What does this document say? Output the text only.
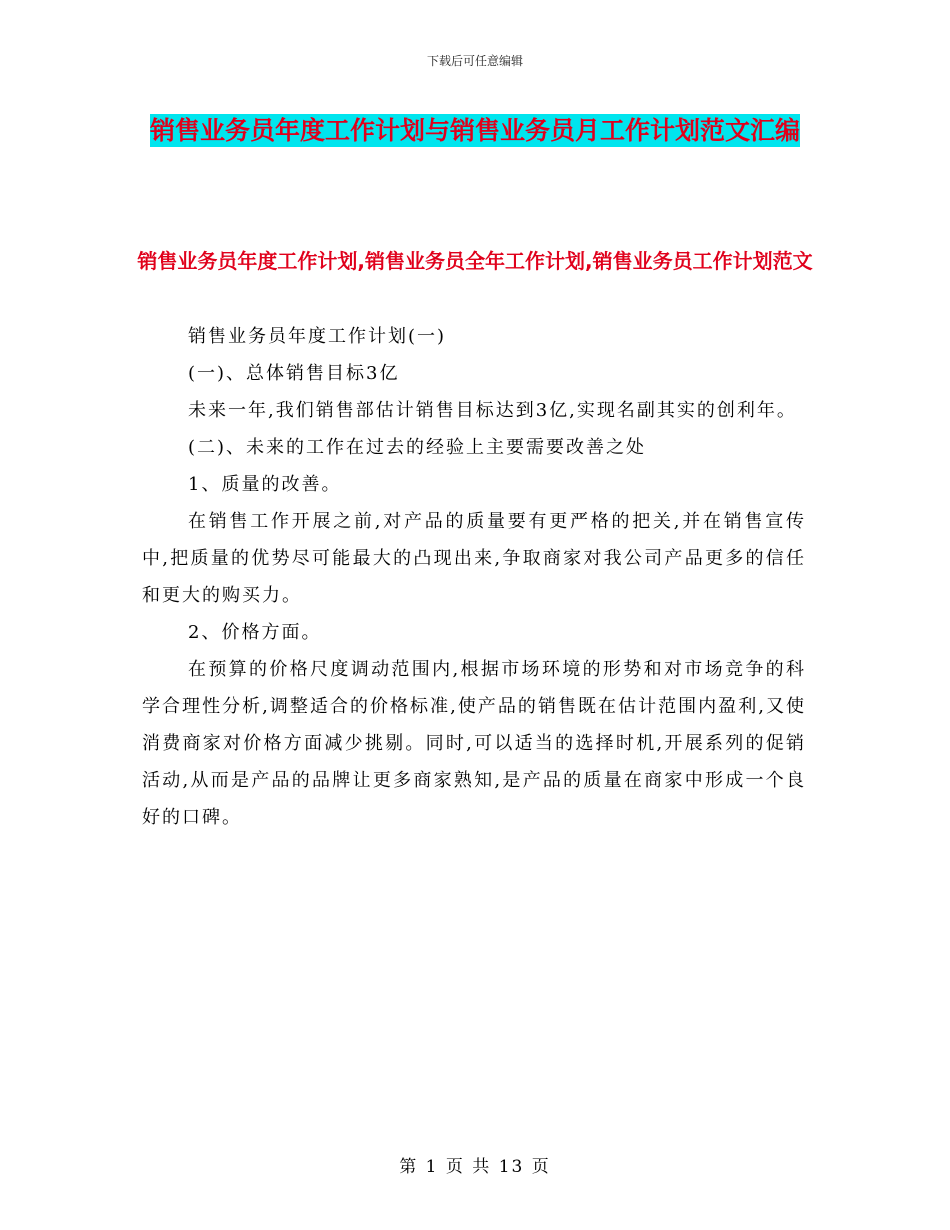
下载后可任意编辑
销售业务员年度工作计划与销售业务员月工作计划范文汇编
销售业务员年度工作计划,销售业务员全年工作计划,销售业务员工作计划范文

销售业务员年度工作计划(一)

(一)、总体销售目标3亿

未来一年,我们销售部估计销售目标达到3亿,实现名副其实的创利年。

(二)、未来的工作在过去的经验上主要需要改善之处

1、质量的改善。

在销售工作开展之前,对产品的质量要有更严格的把关,并在销售宣传中,把质量的优势尽可能最大的凸现出来,争取商家对我公司产品更多的信任和更大的购买力。

2、价格方面。

在预算的价格尺度调动范围内,根据市场环境的形势和对市场竞争的科学合理性分析,调整适合的价格标准,使产品的销售既在估计范围内盈利,又使消费商家对价格方面减少挑剔。同时,可以适当的选择时机,开展系列的促销活动,从而是产品的品牌让更多商家熟知,是产品的质量在商家中形成一个良好的口碑。

第 1 页 共 13 页
